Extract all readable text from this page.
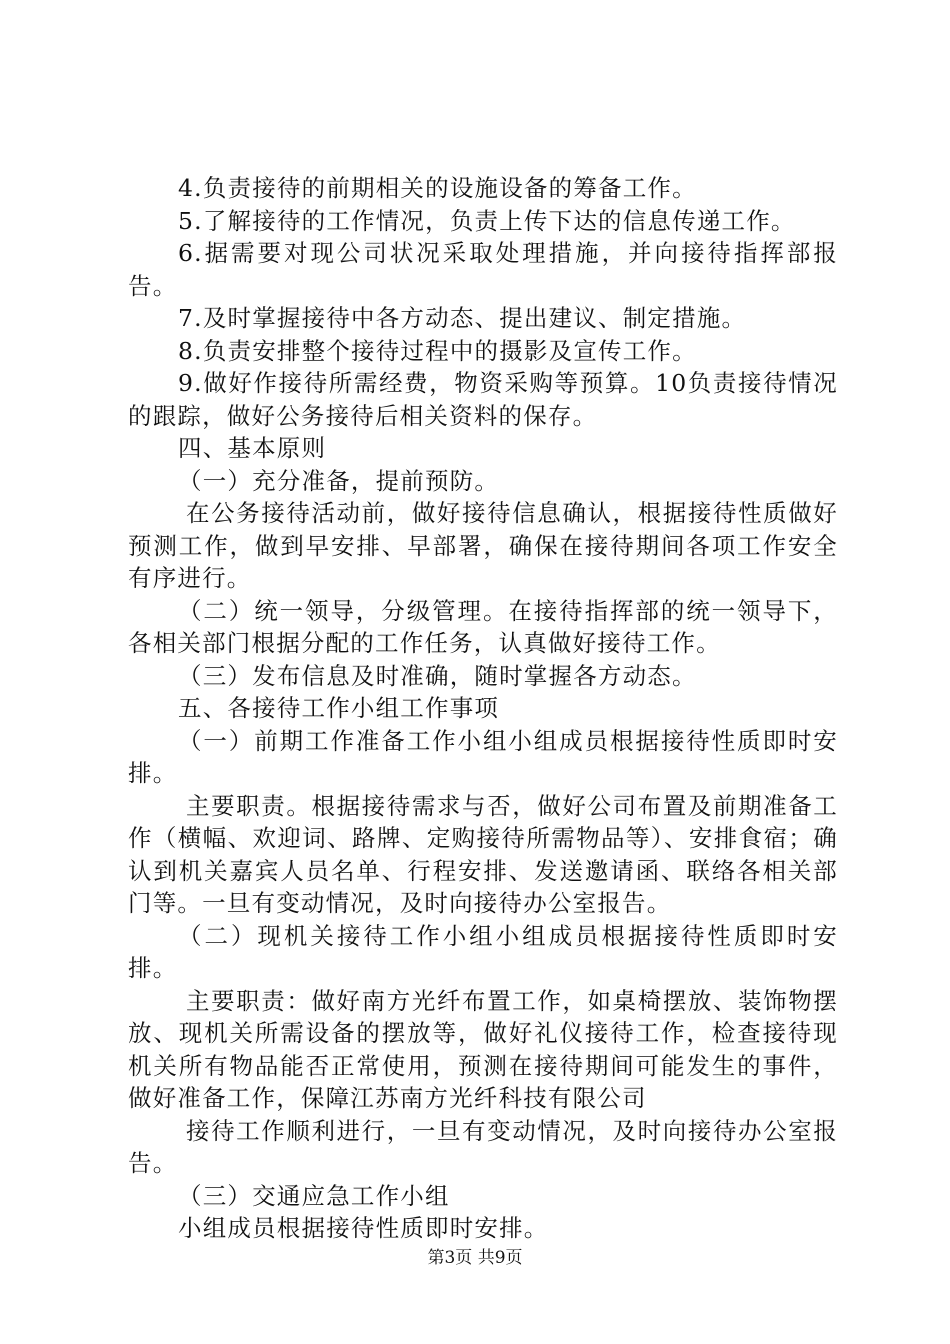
4.负责接待的前期相关的设施设备的筹备工作。

5.了解接待的工作情况，负责上传下达的信息传递工作。

6.据需要对现公司状况采取处理措施，并向接待指挥部报告。

7.及时掌握接待中各方动态、提出建议、制定措施。

8.负责安排整个接待过程中的摄影及宣传工作。

9.做好作接待所需经费，物资采购等预算。10负责接待情况的跟踪，做好公务接待后相关资料的保存。

四、基本原则

（一）充分准备，提前预防。

在公务接待活动前，做好接待信息确认，根据接待性质做好预测工作，做到早安排、早部署，确保在接待期间各项工作安全有序进行。

（二）统一领导，分级管理。在接待指挥部的统一领导下，各相关部门根据分配的工作任务，认真做好接待工作。

（三）发布信息及时准确，随时掌握各方动态。

五、各接待工作小组工作事项

（一）前期工作准备工作小组小组成员根据接待性质即时安排。

主要职责。根据接待需求与否，做好公司布置及前期准备工作（横幅、欢迎词、路牌、定购接待所需物品等）、安排食宿；确认到机关嘉宾人员名单、行程安排、发送邀请函、联络各相关部门等。一旦有变动情况，及时向接待办公室报告。

（二）现机关接待工作小组小组成员根据接待性质即时安排。

主要职责：做好南方光纤布置工作，如桌椅摆放、装饰物摆放、现机关所需设备的摆放等，做好礼仪接待工作，检查接待现机关所有物品能否正常使用，预测在接待期间可能发生的事件，做好准备工作，保障江苏南方光纤科技有限公司

接待工作顺利进行，一旦有变动情况，及时向接待办公室报告。

（三）交通应急工作小组

小组成员根据接待性质即时安排。

第3页 共9页
